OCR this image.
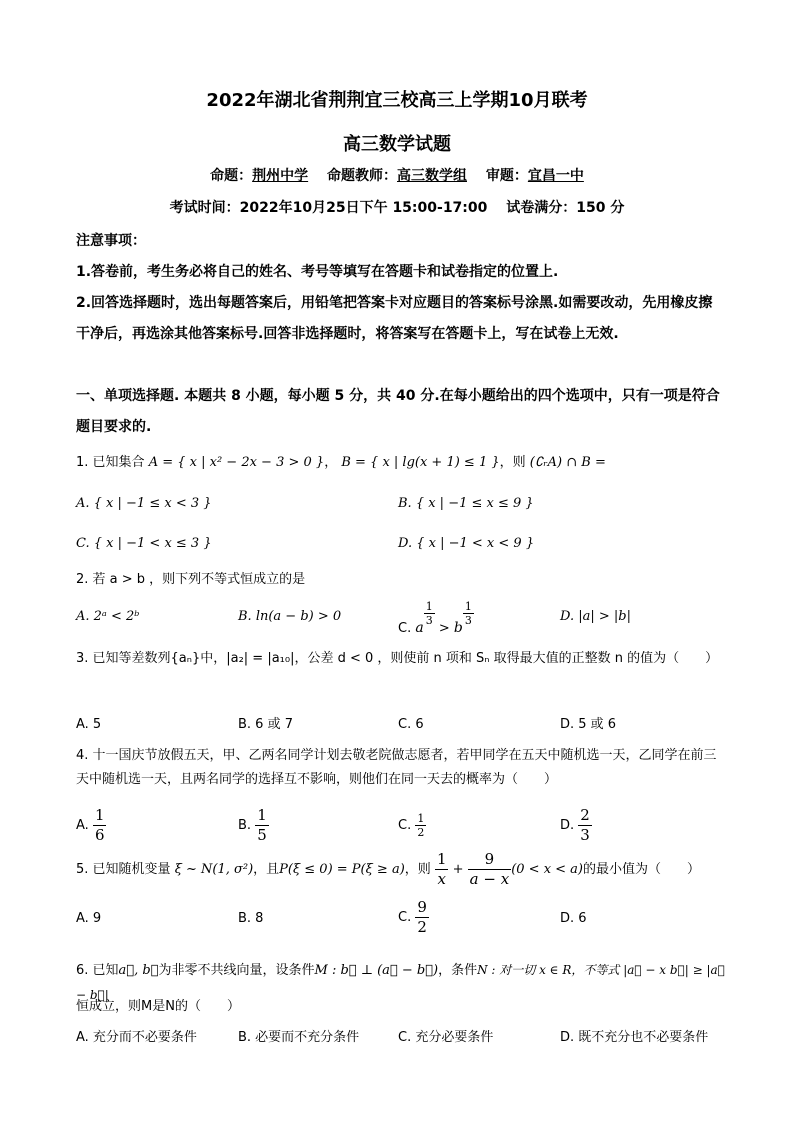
2022年湖北省荆荆宜三校高三上学期10月联考
高三数学试题
命题：荆州中学　 命题教师：高三数学组　 审题：宜昌一中
考试时间：2022年10月25日下午 15:00-17:00　 试卷满分：150 分
注意事项：
1.答卷前，考生务必将自己的姓名、考号等填写在答题卡和试卷指定的位置上.
2.回答选择题时，选出每题答案后，用铅笔把答案卡对应题目的答案标号涂黑.如需要改动，先用橡皮擦干净后，再选涂其他答案标号.回答非选择题时，将答案写在答题卡上，写在试卷上无效.
一、单项选择题. 本题共 8 小题，每小题 5 分，共 40 分.在每小题给出的四个选项中，只有一项是符合题目要求的.
1. 已知集合 A = { x | x² − 2x − 3 > 0 }， B = { x | lg(x + 1) ≤ 1 }，则 (∁ᵣA) ∩ B =
A. { x | −1 ≤ x < 3 }	B. { x | −1 ≤ x ≤ 9 }
C. { x | −1 < x ≤ 3 }	D. { x | −1 < x < 9 }
2. 若 a > b ，则下列不等式恒成立的是
A. 2ᵃ < 2ᵇ	B. ln(a − b) > 0
C. a
$^{\frac{1}{3}}$
> b
$^{\frac{1}{3}}$	D. |a| > |b|
3. 已知等差数列{aₙ}中，|a₂| = |a₁₀|，公差 d < 0 ，则使前 n 项和 Sₙ 取得最大值的正整数 n 的值为（　　）
A. 5	B. 6 或 7	C. 6	D. 5 或 6
4. 十一国庆节放假五天，甲、乙两名同学计划去敬老院做志愿者，若甲同学在五天中随机选一天，乙同学在前三天中随机选一天，且两名同学的选择互不影响，则他们在同一天去的概率为（　　）
A. $\frac{1}{6}$	B. $\frac{1}{5}$	C. $\frac{1}{2}$	D. $\frac{2}{3}$
5. 已知随机变量 ξ ~ N(1, σ²)，且P(ξ ≤ 0) = P(ξ ≥ a)，则 $\frac{1}{x} + \frac{9}{a - x} (0 < x < a)$的最小值为（　　）
A. 9	B. 8	C. $\frac{9}{2}$	D. 6
6. 已知a⃗, b⃗为非零不共线向量，设条件M : b⃗ ⊥ (a⃗ − b⃗)，条件N : 对一切 x ∈ R，不等式 |a⃗ − x b⃗| ≥ |a⃗ − b⃗|
恒成立，则M是N的（　　）
A. 充分而不必要条件	B. 必要而不充分条件	C. 充分必要条件	D. 既不充分也不必要条件
